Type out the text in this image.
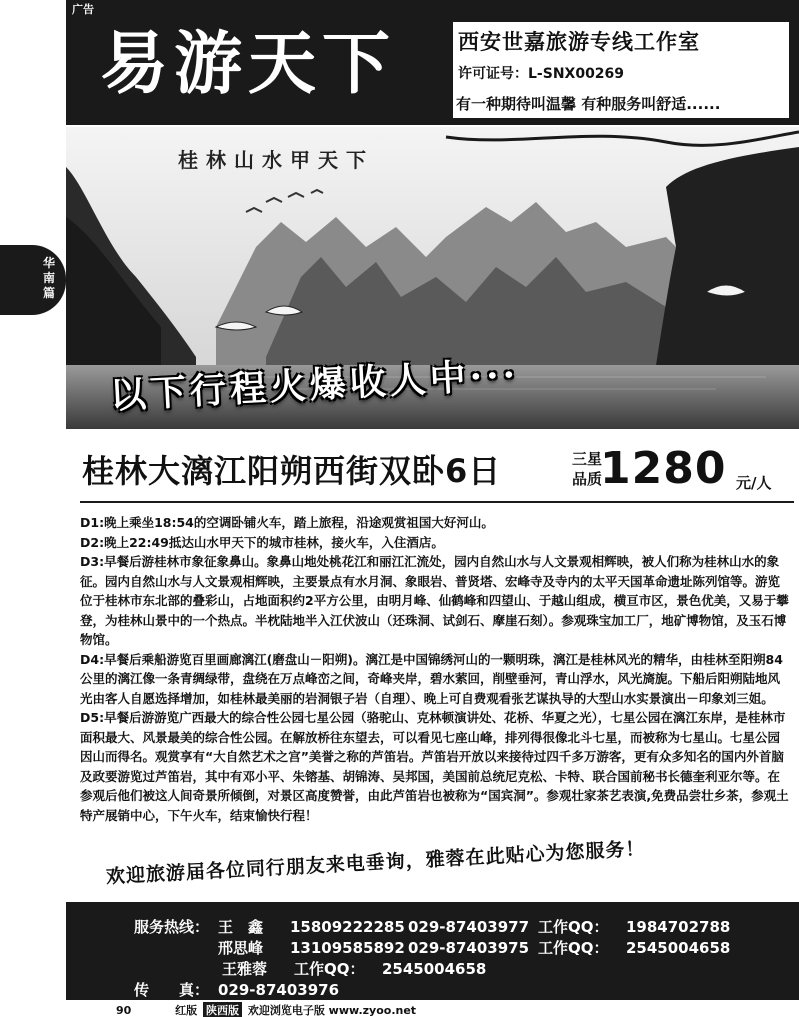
广告
易游天下	西安世嘉旅游专线工作室
许可证号：L-SNX00269
有一种期待叫温馨 有种服务叫舒适......
华南篇
桂林山水甲天下
以下行程火爆收人中···
桂林大漓江阳朔西街双卧6日	三星品质
1280 元/人

D1:晚上乘坐18:54的空调卧铺火车，踏上旅程，沿途观赏祖国大好河山。

D2:晚上22:49抵达山水甲天下的城市桂林，接火车，入住酒店。

D3:早餐后游桂林市象征象鼻山。象鼻山地处桃花江和丽江汇流处，园内自然山水与人文景观相辉映，被人们称为桂林山水的象征。园内自然山水与人文景观相辉映，主要景点有水月洞、象眼岩、普贤塔、宏峰寺及寺内的太平天国革命遗址陈列馆等。游览位于桂林市东北部的叠彩山，占地面积约2平方公里，由明月峰、仙鹤峰和四望山、于越山组成，横亘市区，景色优美，又易于攀登，为桂林山景中的一个热点。半枕陆地半入江伏波山（还珠洞、试剑石、摩崖石刻）。参观珠宝加工厂，地矿博物馆，及玉石博物馆。

D4:早餐后乘船游览百里画廊漓江(磨盘山－阳朔)。漓江是中国锦绣河山的一颗明珠，漓江是桂林风光的精华，由桂林至阳朔84公里的漓江像一条青绸绿带，盘绕在万点峰峦之间，奇峰夹岸，碧水萦回，削壁垂河，青山浮水，风光旖旎。下船后阳朔陆地风光由客人自愿选择增加，如桂林最美丽的岩洞银子岩（自理）、晚上可自费观看张艺谋执导的大型山水实景演出－印象刘三姐。

D5:早餐后游游览广西最大的综合性公园七星公园（骆驼山、克林顿演讲处、花桥、华夏之光），七星公园在漓江东岸，是桂林市面积最大、风景最美的综合性公园。在解放桥往东望去，可以看见七座山峰，排列得很像北斗七星，而被称为七星山。七星公园因山而得名。观赏享有“大自然艺术之宫”美誉之称的芦笛岩。芦笛岩开放以来接待过四千多万游客，更有众多知名的国内外首脑及政要游览过芦笛岩，其中有邓小平、朱镕基、胡锦涛、吴邦国，美国前总统尼克松、卡特、联合国前秘书长德奎利亚尔等。在参观后他们被这人间奇景所倾倒，对景区高度赞誉，由此芦笛岩也被称为“国宾洞”。参观壮家茶艺表演,免费品尝壮乡茶，参观土特产展销中心，下午火车，结束愉快行程！

欢迎旅游届各位同行朋友来电垂询，雅蓉在此贴心为您服务！
服务热线： 王　鑫 15809222285 029-87403977 工作QQ： 1984702788
邢思峰 13109585892 029-87403975 工作QQ： 2545004658
王雅蓉 工作QQ： 2545004658
传　　真： 029-87403976
90	红版 陕西版 欢迎浏览电子版 www.zyoo.net
